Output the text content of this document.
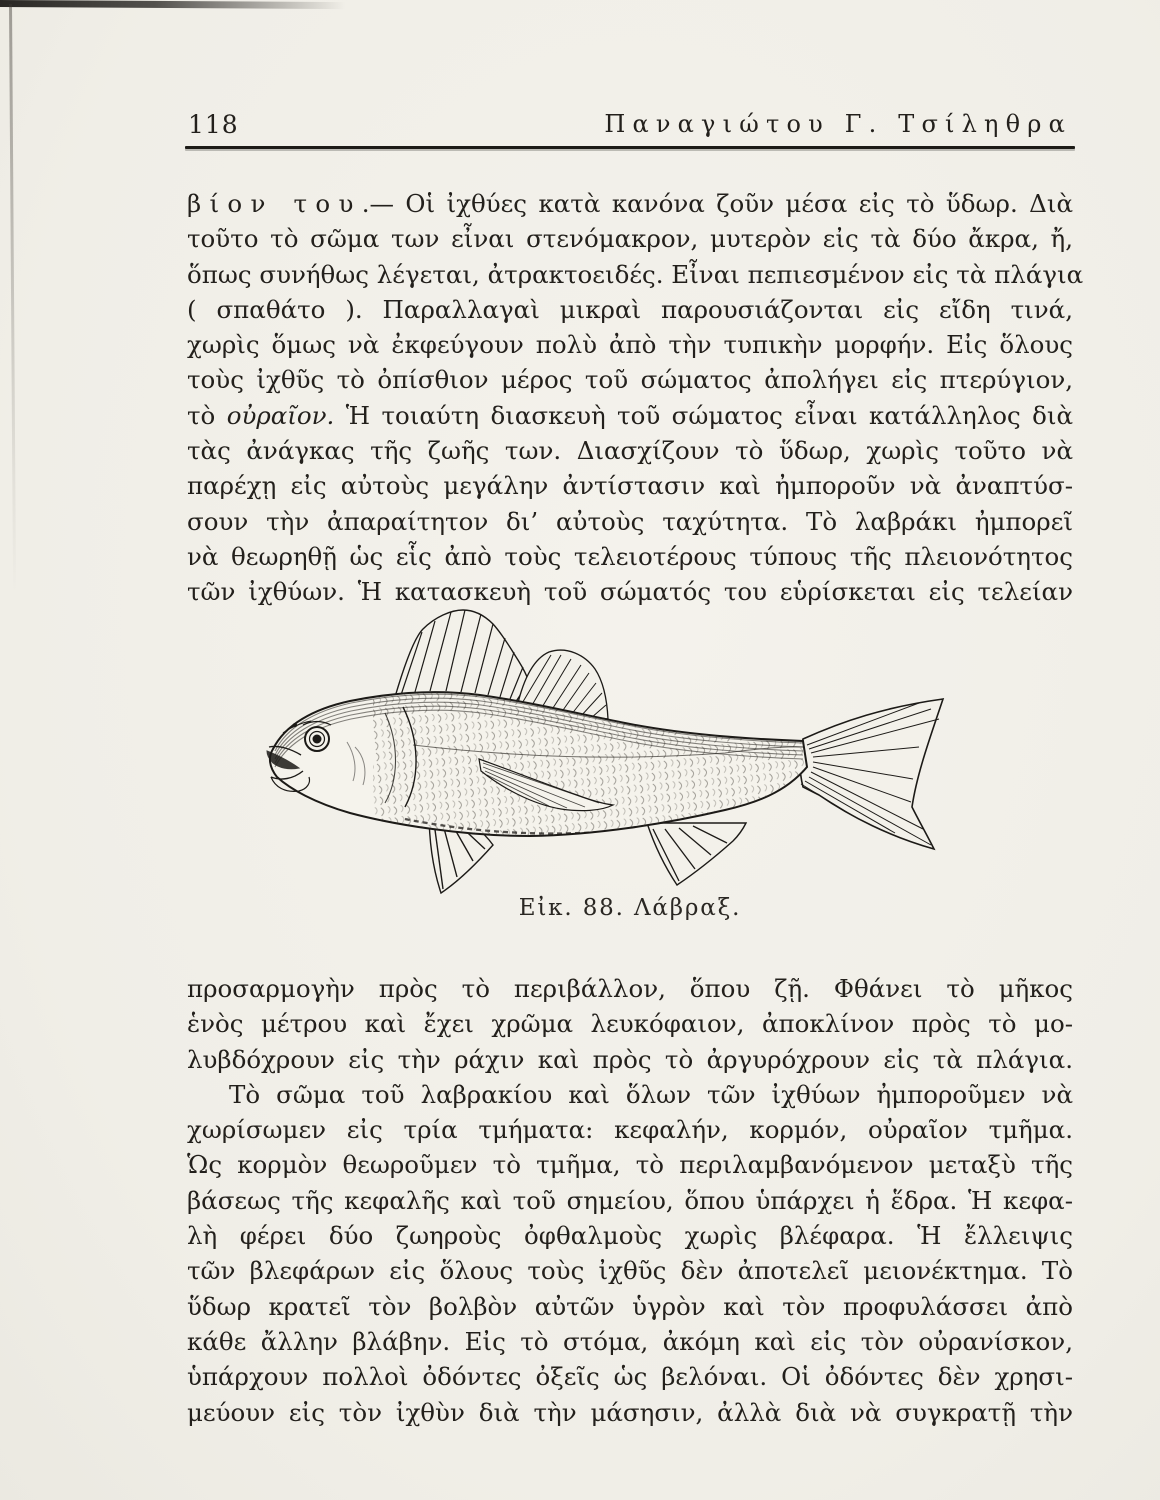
118	Παναγιώτου Γ. Τσίληθρα
βίον του.— Οἱ ἰχθύες κατὰ κανόνα ζοῦν μέσα εἰς τὸ ὕδωρ. Διὰ
τοῦτο τὸ σῶμα των εἶναι στενόμακρον, μυτερὸν εἰς τὰ δύο ἄκρα, ἤ,
ὅπως συνήθως λέγεται, ἀτρακτοειδές. Εἶναι πεπιεσμένον εἰς τὰ πλάγια
( σπαθάτο ). Παραλλαγαὶ μικραὶ παρουσιάζονται εἰς εἴδη τινά,
χωρὶς ὅμως νὰ ἐκφεύγουν πολὺ ἀπὸ τὴν τυπικὴν μορφήν. Εἰς ὅλους
τοὺς ἰχθῦς τὸ ὀπίσθιον μέρος τοῦ σώματος ἀπολήγει εἰς πτερύγιον,
τὸ οὐραῖον. Ἡ τοιαύτη διασκευὴ τοῦ σώματος εἶναι κατάλληλος διὰ
τὰς ἀνάγκας τῆς ζωῆς των. Διασχίζουν τὸ ὕδωρ, χωρὶς τοῦτο νὰ
παρέχῃ εἰς αὐτοὺς μεγάλην ἀντίστασιν καὶ ἠμποροῦν νὰ ἀναπτύσ-
σουν τὴν ἀπαραίτητον δι’ αὐτοὺς ταχύτητα. Τὸ λαβράκι ἠμπορεῖ
νὰ θεωρηθῇ ὡς εἷς ἀπὸ τοὺς τελειοτέρους τύπους τῆς πλειονότητος
τῶν ἰχθύων. Ἡ κατασκευὴ τοῦ σώματός του εὑρίσκεται εἰς τελείαν
Εἰκ. 88. Λάβραξ.
προσαρμογὴν πρὸς τὸ περιβάλλον, ὅπου ζῇ. Φθάνει τὸ μῆκος
ἑνὸς μέτρου καὶ ἔχει χρῶμα λευκόφαιον, ἀποκλίνον πρὸς τὸ μο-
λυβδόχρουν εἰς τὴν ράχιν καὶ πρὸς τὸ ἀργυρόχρουν εἰς τὰ πλάγια.
Τὸ σῶμα τοῦ λαβρακίου καὶ ὅλων τῶν ἰχθύων ἠμποροῦμεν νὰ
χωρίσωμεν εἰς τρία τμήματα: κεφαλήν, κορμόν, οὐραῖον τμῆμα.
Ὡς κορμὸν θεωροῦμεν τὸ τμῆμα, τὸ περιλαμβανόμενον μεταξὺ τῆς
βάσεως τῆς κεφαλῆς καὶ τοῦ σημείου, ὅπου ὑπάρχει ἡ ἕδρα. Ἡ κεφα-
λὴ φέρει δύο ζωηροὺς ὀφθαλμοὺς χωρὶς βλέφαρα. Ἡ ἔλλειψις
τῶν βλεφάρων εἰς ὅλους τοὺς ἰχθῦς δὲν ἀποτελεῖ μειονέκτημα. Τὸ
ὕδωρ κρατεῖ τὸν βολβὸν αὐτῶν ὑγρὸν καὶ τὸν προφυλάσσει ἀπὸ
κάθε ἄλλην βλάβην. Εἰς τὸ στόμα, ἀκόμη καὶ εἰς τὸν οὐρανίσκον,
ὑπάρχουν πολλοὶ ὀδόντες ὀξεῖς ὡς βελόναι. Οἱ ὀδόντες δὲν χρησι-
μεύουν εἰς τὸν ἰχθὺν διὰ τὴν μάσησιν, ἀλλὰ διὰ νὰ συγκρατῇ τὴν
